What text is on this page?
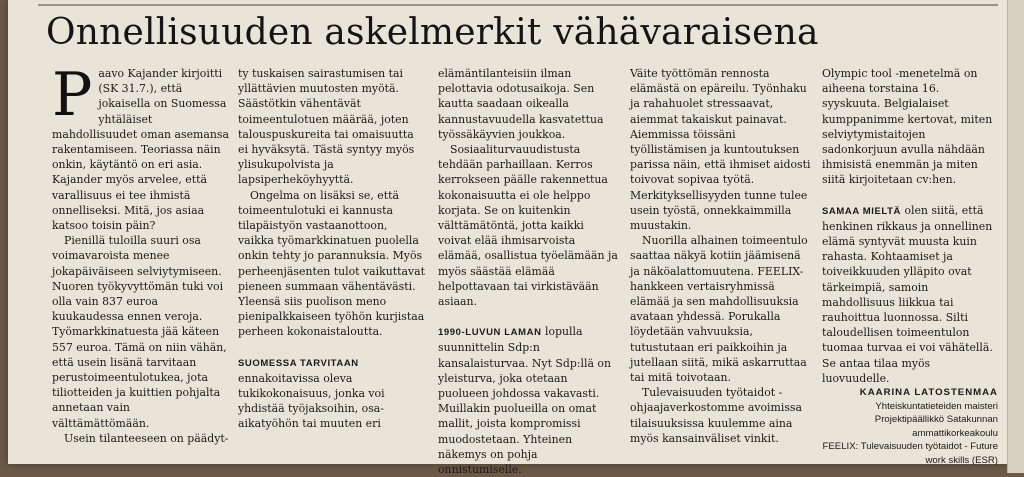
Onnellisuuden askelmerkit vähävaraisena

Paavo Kajander kirjoitti (SK 31.7.), että jokaisella on Suomessa yhtäläiset mahdollisuudet oman asemansa rakentamiseen. Teoriassa näin onkin, käytäntö on eri asia. Kajander myös arvelee, että varallisuus ei tee ihmistä onnelliseksi. Mitä, jos asiaa katsoo toisin päin?

Pienillä tuloilla suuri osa voimavaroista menee jokapäiväiseen selviytymiseen. Nuoren työkyvyttömän tuki voi olla vain 837 euroa kuukaudessa ennen veroja. Työmarkkinatuesta jää käteen 557 euroa. Tämä on niin vähän, että usein lisänä tarvitaan perustoimeentulotukea, jota tiliotteiden ja kuittien pohjalta annetaan vain välttämättömään.

Usein tilanteeseen on päädyt-

ty tuskaisen sairastumisen tai yllättävien muutosten myötä. Säästötkin vähentävät toimeentulotuen määrää, joten talouspuskureita tai omaisuutta ei hyväksytä. Tästä syntyy myös ylisukupolvista ja lapsiperheköyhyyttä.

Ongelma on lisäksi se, että toimeentulotuki ei kannusta tilapäistyön vastaanottoon, vaikka työmarkkinatuen puolella onkin tehty jo parannuksia. Myös perheenjäsenten tulot vaikuttavat pieneen summaan vähentävästi. Yleensä siis puolison meno pienipalkkaiseen työhön kurjistaa perheen kokonaistaloutta.

SUOMESSA TARVITAAN ennakoitavissa oleva tukikokonaisuus, jonka voi yhdistää työjaksoihin, osa-aikatyöhön tai muuten eri

elämäntilanteisiin ilman pelottavia odotusaikoja. Sen kautta saadaan oikealla kannustavuudella kasvatettua työssäkäyvien joukkoa.

Sosiaaliturvauudistusta tehdään parhaillaan. Kerros kerrokseen päälle rakennettua kokonaisuutta ei ole helppo korjata. Se on kuitenkin välttämätöntä, jotta kaikki voivat elää ihmisarvoista elämää, osallistua työelämään ja myös säästää elämää helpottavaan tai virkistävään asiaan.

1990-LUVUN LAMAN lopulla suunnittelin Sdp:n kansalaisturvaa. Nyt Sdp:llä on yleisturva, joka otetaan puolueen johdossa vakavasti. Muillakin puolueilla on omat mallit, joista kompromissi muodostetaan. Yhteinen näkemys on pohja onnistumiselle.

Väite työttömän rennosta elämästä on epäreilu. Työnhaku ja rahahuolet stressaavat, aiemmat takaiskut painavat. Aiemmissa töissäni työllistämisen ja kuntoutuksen parissa näin, että ihmiset aidosti toivovat sopivaa työtä. Merkityksellisyyden tunne tulee usein työstä, onnekkaimmilla muustakin.

Nuorilla alhainen toimeentulo saattaa näkyä kotiin jäämisenä ja näköalattomuutena. FEELIX-hankkeen vertaisryhmissä elämää ja sen mahdollisuuksia avataan yhdessä. Porukalla löydetään vahvuuksia, tutustutaan eri paikkoihin ja jutellaan siitä, mikä askarruttaa tai mitä toivotaan.

Tulevaisuuden työtaidot -ohjaajaverkostomme avoimissa tilaisuuksissa kuulemme aina myös kansainväliset vinkit.

Olympic tool -menetelmä on aiheena torstaina 16. syyskuuta. Belgialaiset kumppanimme kertovat, miten selviytymistaitojen sadonkorjuun avulla nähdään ihmisistä enemmän ja miten siitä kirjoitetaan cv:hen.

SAMAA MIELTÄ olen siitä, että henkinen rikkaus ja onnellinen elämä syntyvät muusta kuin rahasta. Kohtaamiset ja toiveikkuuden ylläpito ovat tärkeimpiä, samoin mahdollisuus liikkua tai rauhoittua luonnossa. Silti taloudellisen toimeentulon tuomaa turvaa ei voi vähätellä. Se antaa tilaa myös luovuudelle.

KAARINA LATOSTENMAA
Yhteiskuntatieteiden maisteri
Projektipäällikkö Satakunnan ammattikorkeakoulu
FEELIX: Tulevaisuuden työtaidot - Future work skills (ESR)
